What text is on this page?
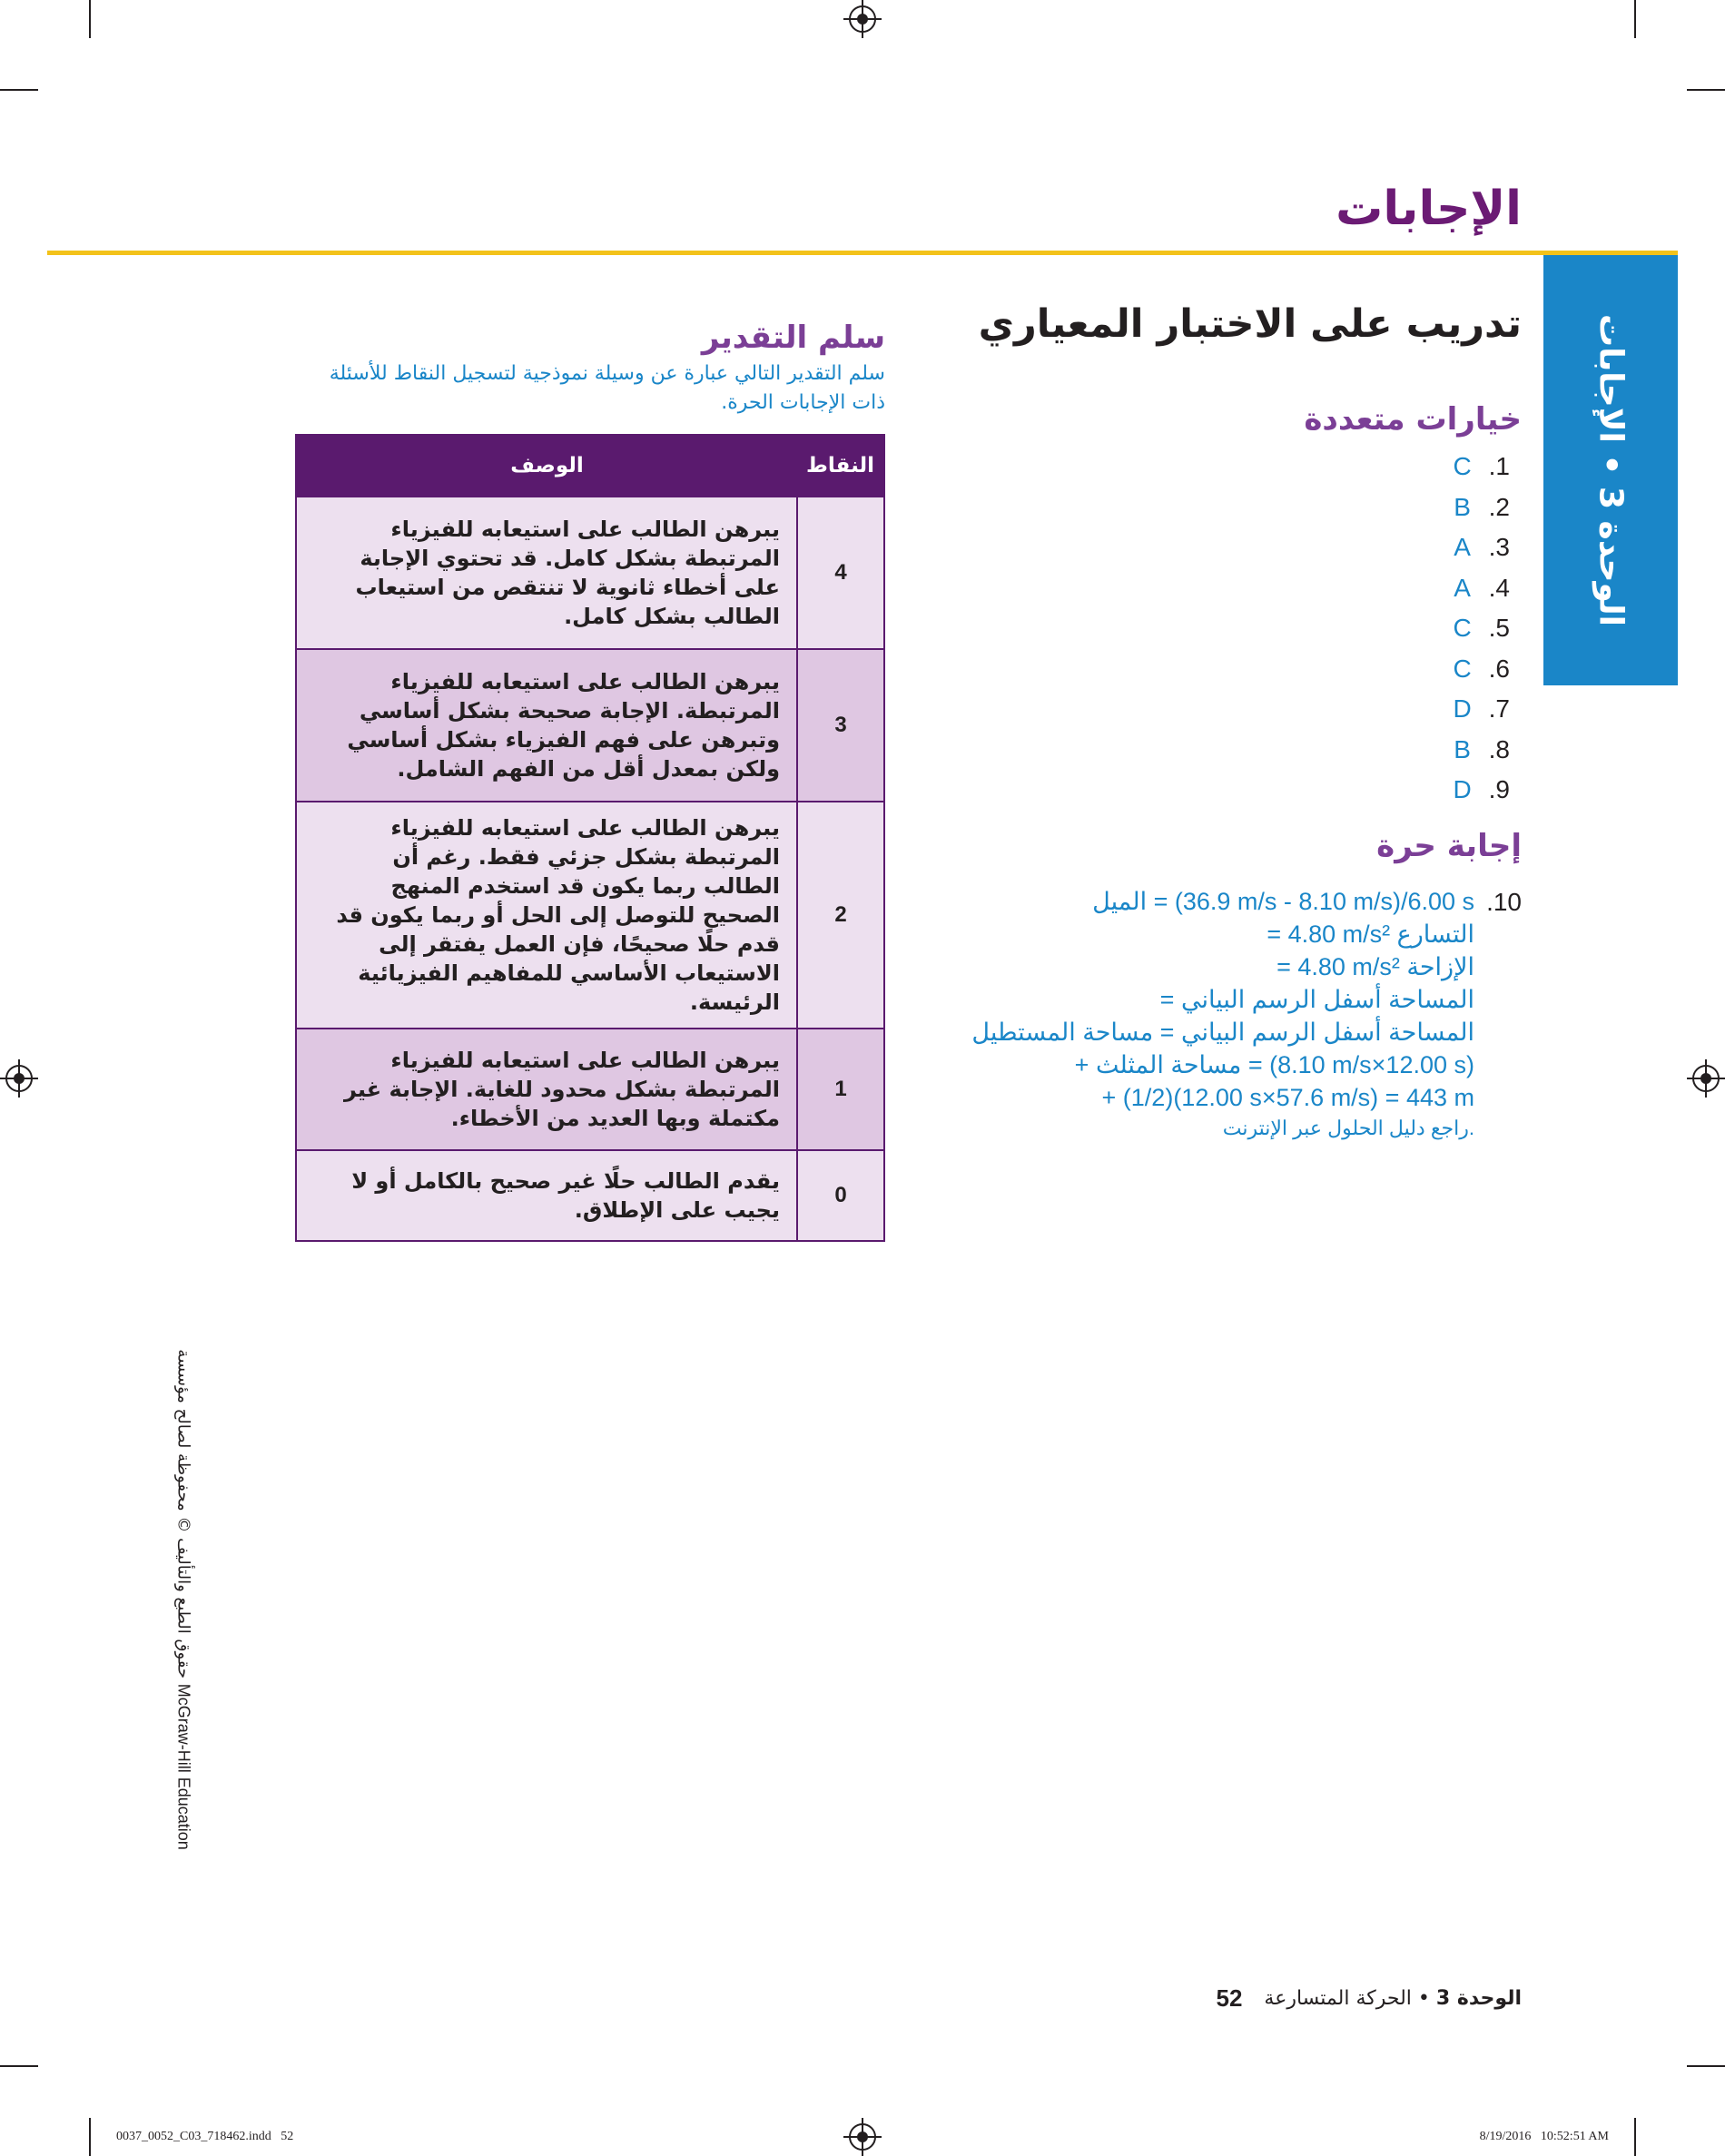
الإجابات
الوحدة 3 • الإجابات
تدريب على الاختبار المعياري
خيارات متعددة
.1
C
.2
B
.3
A
.4
A
.5
C
.6
C
.7
D
.8
B
.9
D
إجابة حرة
.10
الميل = (36.9 m/s - 8.10 m/s)/6.00 s
= 4.80 m/s² التسارع
= 4.80 m/s² الإزاحة
= المساحة أسفل الرسم البياني
المساحة أسفل الرسم البياني = مساحة المستطيل
+ مساحة المثلث = (8.10 m/s×12.00 s)
+ (1/2)(12.00 s×57.6 m/s) = 443 m
راجع دليل الحلول عبر الإنترنت.
سلم التقدير

سلم التقدير التالي عبارة عن وسيلة نموذجية لتسجيل النقاط للأسئلة ذات الإجابات الحرة.

النقاط	الوصف
4	يبرهن الطالب على استيعابه للفيزياء المرتبطة بشكل كامل. قد تحتوي الإجابة على أخطاء ثانوية لا تنتقص من استيعاب الطالب بشكل كامل.
3	يبرهن الطالب على استيعابه للفيزياء المرتبطة. الإجابة صحيحة بشكل أساسي وتبرهن على فهم الفيزياء بشكل أساسي ولكن بمعدل أقل من الفهم الشامل.
2	يبرهن الطالب على استيعابه للفيزياء المرتبطة بشكل جزئي فقط. رغم أن الطالب ربما يكون قد استخدم المنهج الصحيح للتوصل إلى الحل أو ربما يكون قد قدم حلًا صحيحًا، فإن العمل يفتقر إلى الاستيعاب الأساسي للمفاهيم الفيزيائية الرئيسة.
1	يبرهن الطالب على استيعابه للفيزياء المرتبطة بشكل محدود للغاية. الإجابة غير مكتملة وبها العديد من الأخطاء.
0	يقدم الطالب حلًا غير صحيح بالكامل أو لا يجيب على الإطلاق.
حقوق الطبع والتأليف © محفوظة لصالح مؤسسة McGraw-Hill Education
52	الوحدة 3 • الحركة المتسارعة
0037_0052_C03_718462.indd   52	8/19/2016   10:52:51 AM
